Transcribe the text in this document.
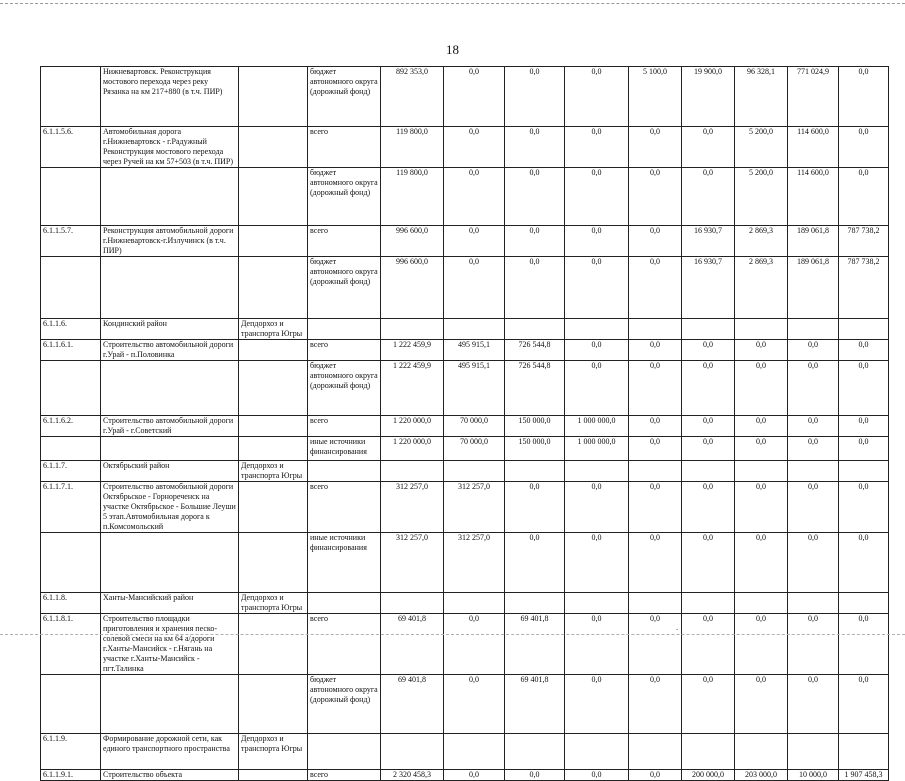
18
	Нижневартовск. Реконструкция мостового перехода через реку Рязанка на км 217+880 (в т.ч. ПИР)		бюджет автономного округа (дорожный фонд)	892 353,0	0,0	0,0	0,0	5 100,0	19 900,0	96 328,1	771 024,9	0,0
6.1.1.5.6.	Автомобильная дорога г.Нижневартовск - г.Радужный Реконструкция мостового перехода через Ручей на км 57+503 (в т.ч. ПИР)		всего	119 800,0	0,0	0,0	0,0	0,0	0,0	5 200,0	114 600,0	0,0
			бюджет автономного округа (дорожный фонд)	119 800,0	0,0	0,0	0,0	0,0	0,0	5 200,0	114 600,0	0,0
6.1.1.5.7.	Реконструкция автомобильной дороги г.Нижневартовск-г.Излучинск (в т.ч. ПИР)		всего	996 600,0	0,0	0,0	0,0	0,0	16 930,7	2 869,3	189 061,8	787 738,2
			бюджет автономного округа (дорожный фонд)	996 600,0	0,0	0,0	0,0	0,0	16 930,7	2 869,3	189 061,8	787 738,2
6.1.1.6.	Кондинский район	Депдорхоз и транспорта Югры										
6.1.1.6.1.	Строительство автомобильной дороги г.Урай - п.Половинка		всего	1 222 459,9	495 915,1	726 544,8	0,0	0,0	0,0	0,0	0,0	0,0
			бюджет автономного округа (дорожный фонд)	1 222 459,9	495 915,1	726 544,8	0,0	0,0	0,0	0,0	0,0	0,0
6.1.1.6.2.	Строительство автомобильной дороги г.Урай - г.Советский		всего	1 220 000,0	70 000,0	150 000,0	1 000 000,0	0,0	0,0	0,0	0,0	0,0
			иные источники финансирования	1 220 000,0	70 000,0	150 000,0	1 000 000,0	0,0	0,0	0,0	0,0	0,0
6.1.1.7.	Октябрьский район	Депдорхоз и транспорта Югры										
6.1.1.7.1.	Строительство автомобильной дороги Октябрьское - Горнореченск на участке Октябрьское - Большие Леуши 5 этап.Автомобильная дорога к п.Комсомольский		всего	312 257,0	312 257,0	0,0	0,0	0,0	0,0	0,0	0,0	0,0
			иные источники финансирования	312 257,0	312 257,0	0,0	0,0	0,0	0,0	0,0	0,0	0,0
6.1.1.8.	Ханты-Мансийский район	Депдорхоз и транспорта Югры										
6.1.1.8.1.	Строительство площадки приготовления и хранения песко-солевой смеси на км 64 а/дороги г.Ханты-Мансийск - г.Нягань на участке г.Ханты-Мансийск - пгт.Талинка		всего	69 401,8	0,0	69 401,8	0,0	0,0	0,0	0,0	0,0	0,0
			бюджет автономного округа (дорожный фонд)	69 401,8	0,0	69 401,8	0,0	0,0	0,0	0,0	0,0	0,0
6.1.1.9.	Формирование дорожной сети, как единого транспортного пространства	Депдорхоз и транспорта Югры										
6.1.1.9.1.	Строительство объекта		всего	2 320 458,3	0,0	0,0	0,0	0,0	200 000,0	203 000,0	10 000,0	1 907 458,3
.
